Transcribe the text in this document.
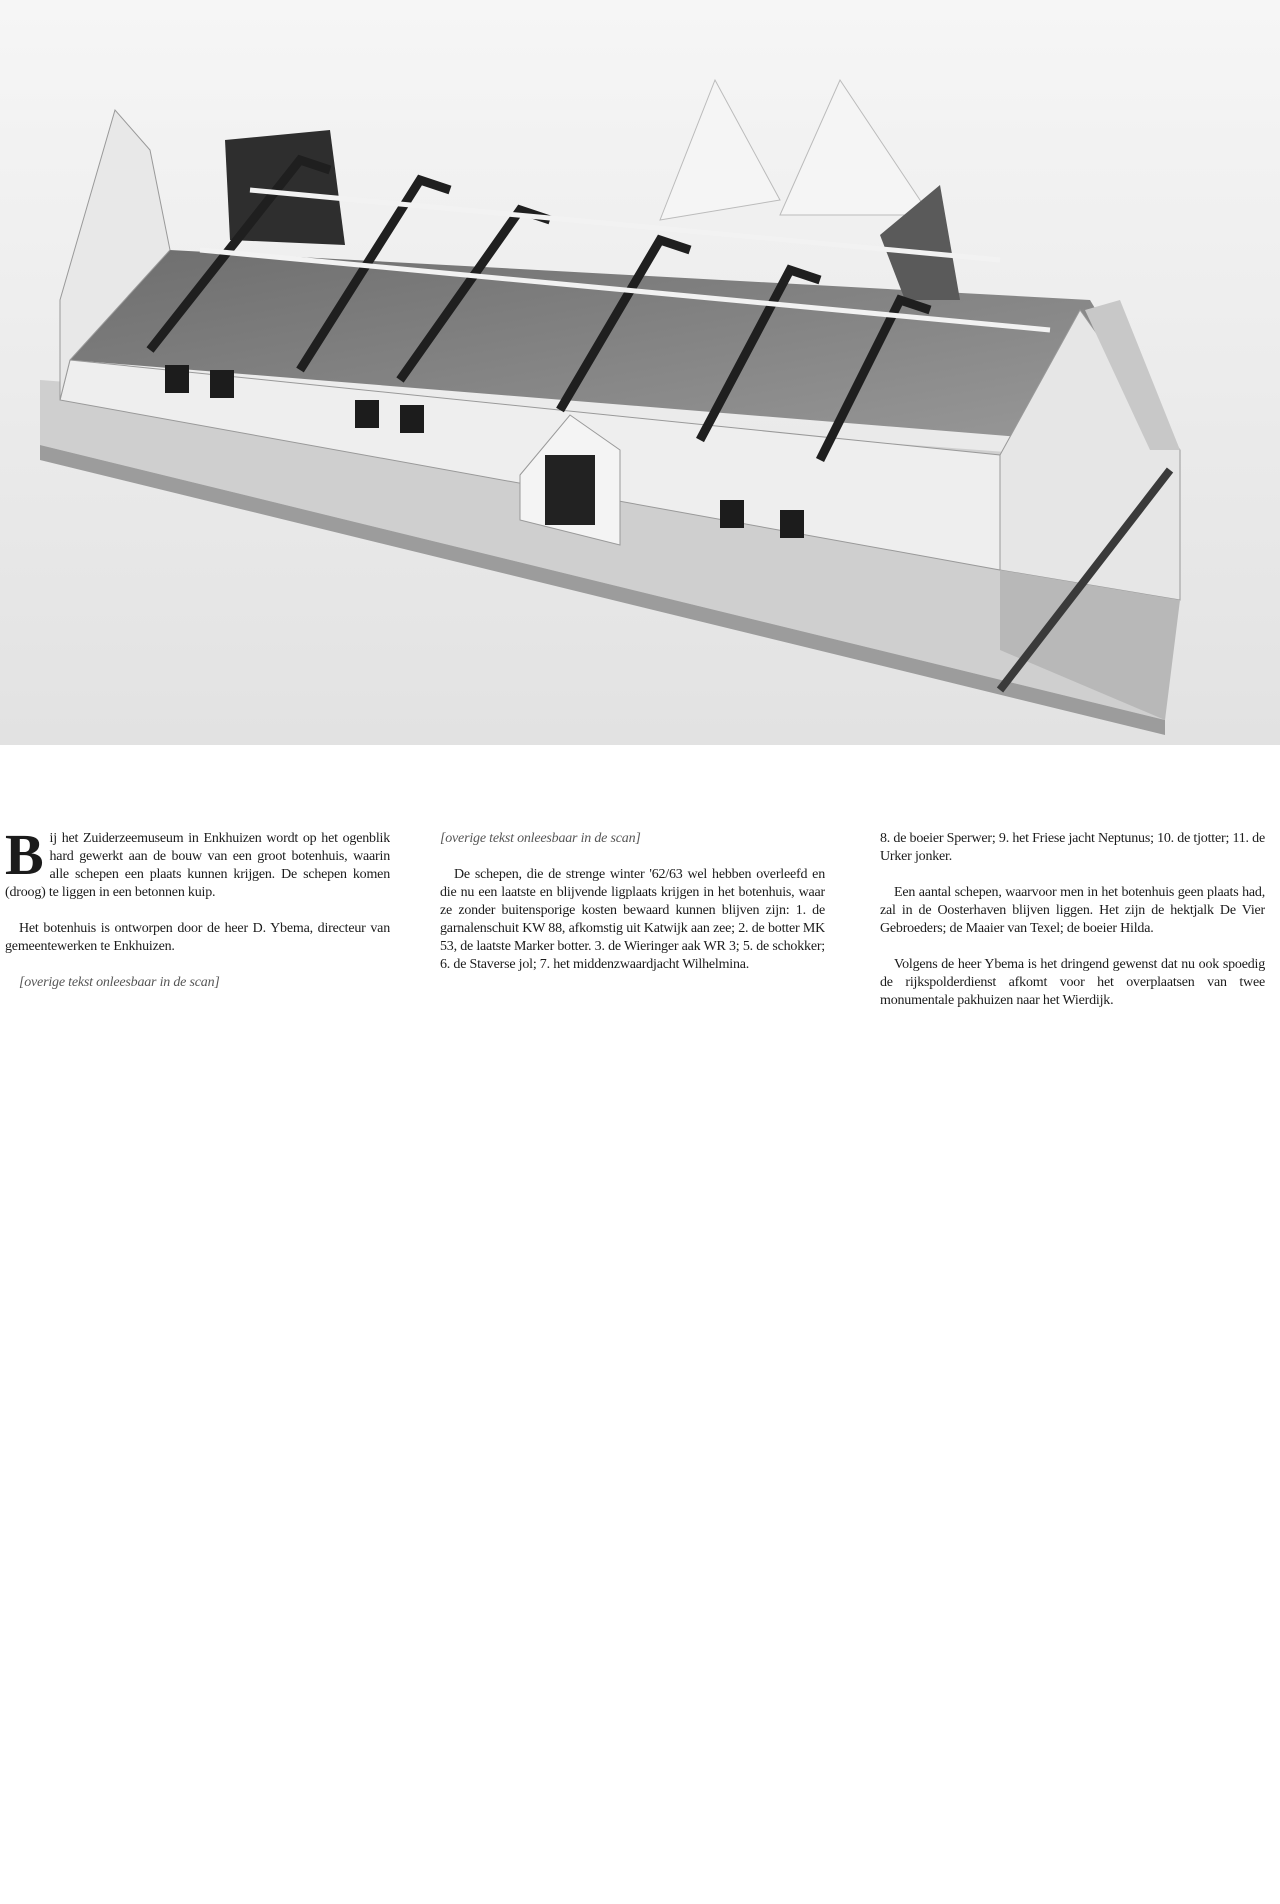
B ij het Zuiderzeemuseum in Enkhuizen wordt op het ogenblik hard gewerkt aan de bouw van een groot botenhuis, waarin alle schepen een plaats kunnen krijgen. De schepen komen (droog) te liggen in een betonnen kuip.

Het botenhuis is ontworpen door de heer D. Ybema, directeur van gemeentewerken te Enkhuizen.

[overige tekst onleesbaar in de scan]

[overige tekst onleesbaar in de scan]

De schepen, die de strenge winter '62/63 wel hebben overleefd en die nu een laatste en blijvende ligplaats krijgen in het botenhuis, waar ze zonder buitensporige kosten bewaard kunnen blijven zijn: 1. de garnalenschuit KW 88, afkomstig uit Katwijk aan zee; 2. de botter MK 53, de laatste Marker botter. 3. de Wieringer aak WR 3; 5. de schokker; 6. de Staverse jol; 7. het middenzwaardjacht Wilhelmina.

8. de boeier Sperwer; 9. het Friese jacht Neptunus; 10. de tjotter; 11. de Urker jonker.

Een aantal schepen, waarvoor men in het botenhuis geen plaats had, zal in de Oosterhaven blijven liggen. Het zijn de hektjalk De Vier Gebroeders; de Maaier van Texel; de boeier Hilda.

Volgens de heer Ybema is het dringend gewenst dat nu ook spoedig de rijkspolderdienst afkomt voor het overplaatsen van twee monumentale pakhuizen naar het Wierdijk.
